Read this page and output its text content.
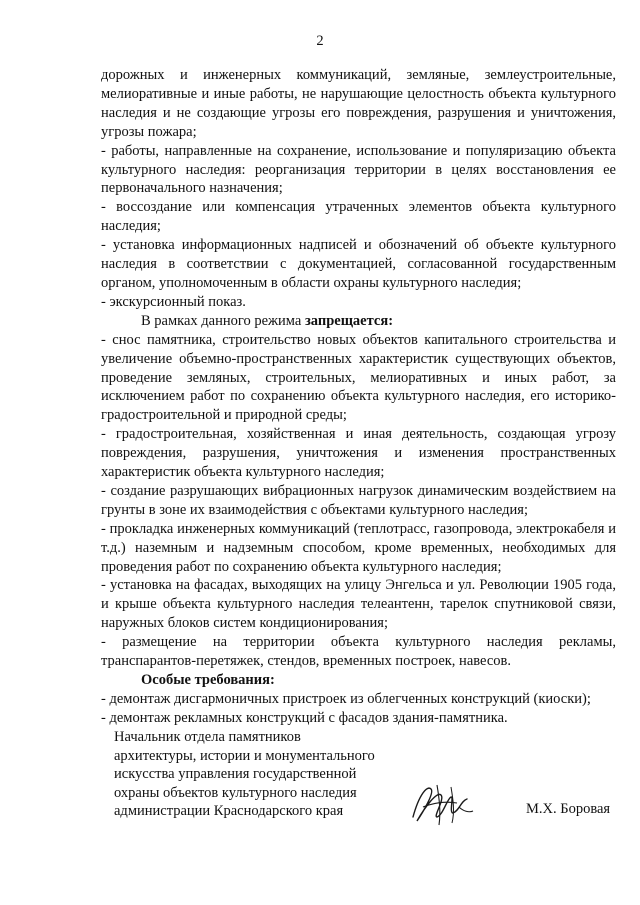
2

дорожных и инженерных коммуникаций, земляные, землеустроительные, мелиоративные и иные работы, не нарушающие целостность объекта культурного наследия и не создающие угрозы его повреждения, разрушения и уничтожения, угрозы пожара;

- работы, направленные на сохранение, использование и популяризацию объекта культурного наследия: реорганизация территории в целях восстановления ее первоначального назначения;

- воссоздание или компенсация утраченных элементов объекта культурного наследия;

- установка информационных надписей и обозначений об объекте культурного наследия в соответствии с документацией, согласованной государственным органом, уполномоченным в области охраны культурного наследия;

- экскурсионный показ.

В рамках данного режима запрещается:

- снос памятника, строительство новых объектов капитального строительства и увеличение объемно-пространственных характеристик существующих объектов, проведение земляных, строительных, мелиоративных и иных работ, за исключением работ по сохранению объекта культурного наследия, его историко-градостроительной и природной среды;

- градостроительная, хозяйственная и иная деятельность, создающая угрозу повреждения, разрушения, уничтожения и изменения пространственных характеристик объекта культурного наследия;

- создание разрушающих вибрационных нагрузок динамическим воздействием на грунты в зоне их взаимодействия с объектами культурного наследия;

- прокладка инженерных коммуникаций (теплотрасс, газопровода, электрокабеля и т.д.) наземным и надземным способом, кроме временных, необходимых для проведения работ по сохранению объекта культурного наследия;

- установка на фасадах, выходящих на улицу Энгельса и ул. Революции 1905 года, и крыше объекта культурного наследия телеантенн, тарелок спутниковой связи, наружных блоков систем кондиционирования;

- размещение на территории объекта культурного наследия рекламы, транспарантов-перетяжек, стендов, временных построек, навесов.

Особые требования:

- демонтаж дисгармоничных пристроек из облегченных конструкций (киоски);

- демонтаж рекламных конструкций с фасадов здания-памятника.

Начальник отдела памятников

архитектуры, истории и монументального

искусства управления государственной

охраны объектов культурного наследия

администрации Краснодарского края	М.Х. Боровая
